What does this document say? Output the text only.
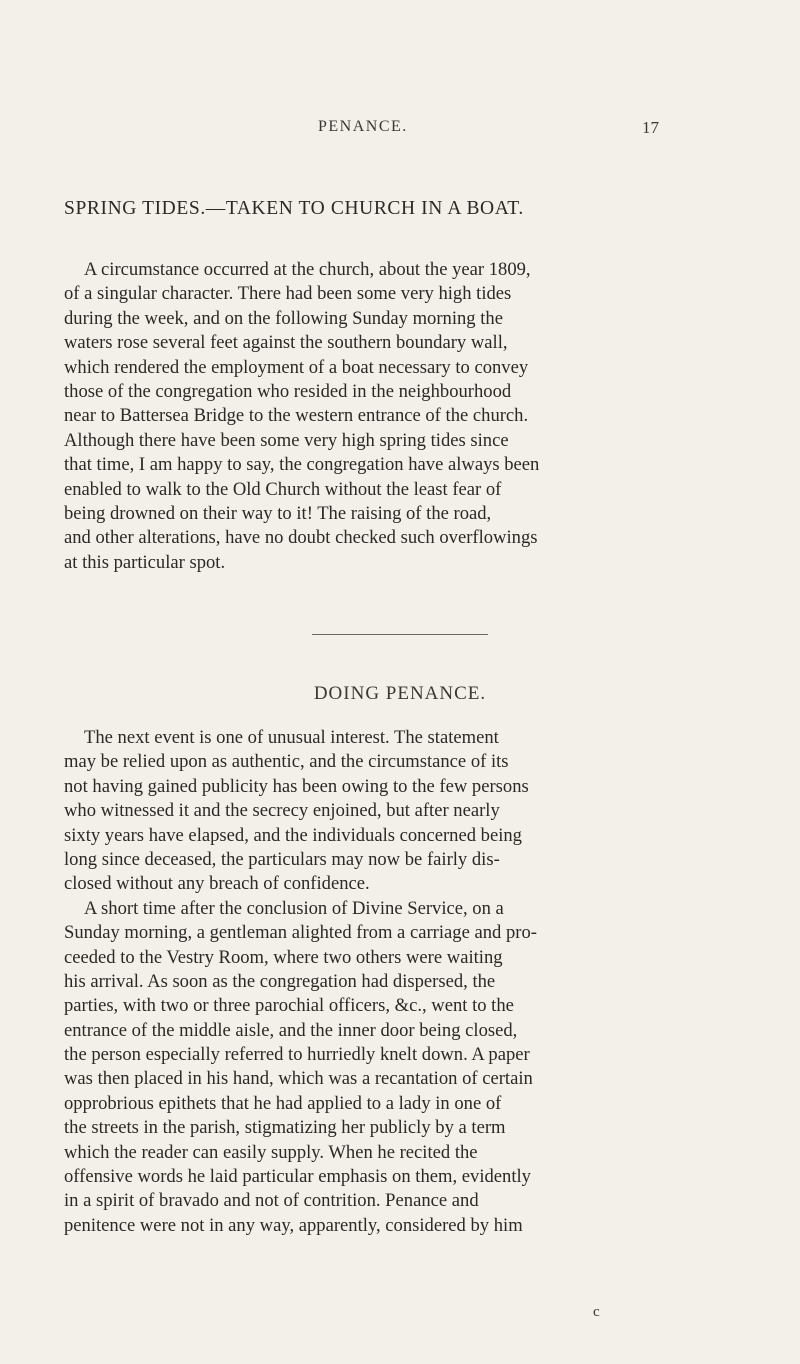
PENANCE.	17
SPRING TIDES.—TAKEN TO CHURCH IN A BOAT.
A circumstance occurred at the church, about the year 1809,
of a singular character. There had been some very high tides
during the week, and on the following Sunday morning the
waters rose several feet against the southern boundary wall,
which rendered the employment of a boat necessary to convey
those of the congregation who resided in the neighbourhood
near to Battersea Bridge to the western entrance of the church.
Although there have been some very high spring tides since
that time, I am happy to say, the congregation have always been
enabled to walk to the Old Church without the least fear of
being drowned on their way to it! The raising of the road,
and other alterations, have no doubt checked such overflowings
at this particular spot.
DOING PENANCE.
The next event is one of unusual interest. The statement
may be relied upon as authentic, and the circumstance of its
not having gained publicity has been owing to the few persons
who witnessed it and the secrecy enjoined, but after nearly
sixty years have elapsed, and the individuals concerned being
long since deceased, the particulars may now be fairly dis-
closed without any breach of confidence.
A short time after the conclusion of Divine Service, on a
Sunday morning, a gentleman alighted from a carriage and pro-
ceeded to the Vestry Room, where two others were waiting
his arrival. As soon as the congregation had dispersed, the
parties, with two or three parochial officers, &c., went to the
entrance of the middle aisle, and the inner door being closed,
the person especially referred to hurriedly knelt down. A paper
was then placed in his hand, which was a recantation of certain
opprobrious epithets that he had applied to a lady in one of
the streets in the parish, stigmatizing her publicly by a term
which the reader can easily supply. When he recited the
offensive words he laid particular emphasis on them, evidently
in a spirit of bravado and not of contrition. Penance and
penitence were not in any way, apparently, considered by him
c
